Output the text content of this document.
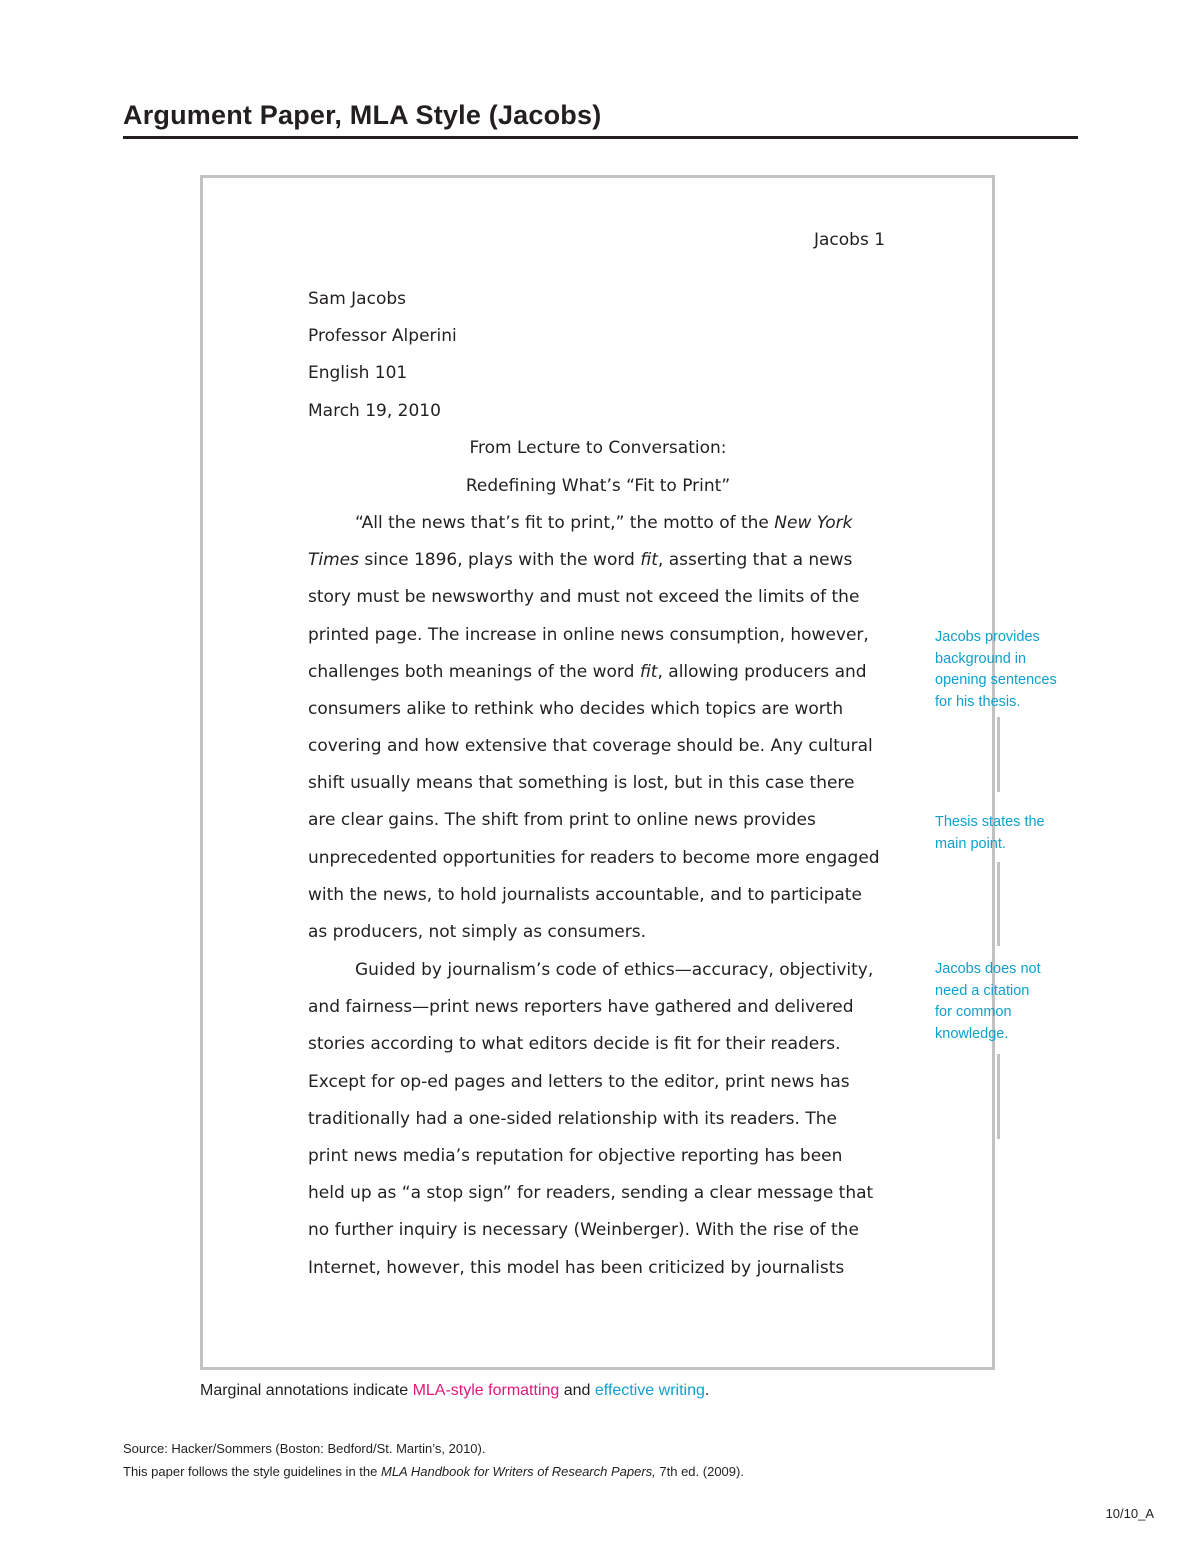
Argument Paper, MLA Style (Jacobs)
Jacobs 1
Sam Jacobs
Professor Alperini
English 101
March 19, 2010
From Lecture to Conversation:
Redefining What’s “Fit to Print”
“All the news that’s fit to print,” the motto of the New York
Times since 1896, plays with the word fit, asserting that a news
story must be newsworthy and must not exceed the limits of the
printed page. The increase in online news consumption, however,
challenges both meanings of the word fit, allowing producers and
consumers alike to rethink who decides which topics are worth
covering and how extensive that coverage should be. Any cultural
shift usually means that something is lost, but in this case there
are clear gains. The shift from print to online news provides
unprecedented opportunities for readers to become more engaged
with the news, to hold journalists accountable, and to participate
as producers, not simply as consumers.
Guided by journalism’s code of ethics—accuracy, objectivity,
and fairness—print news reporters have gathered and delivered
stories according to what editors decide is fit for their readers.
Except for op-ed pages and letters to the editor, print news has
traditionally had a one-sided relationship with its readers. The
print news media’s reputation for objective reporting has been
held up as “a stop sign” for readers, sending a clear message that
no further inquiry is necessary (Weinberger). With the rise of the
Internet, however, this model has been criticized by journalists
Jacobs provides
background in
opening sentences
for his thesis.
Thesis states the
main point.
Jacobs does not
need a citation
for common
knowledge.
Marginal annotations indicate MLA-style formatting and effective writing.
Source: Hacker/Sommers (Boston: Bedford/St. Martin’s, 2010).
This paper follows the style guidelines in the MLA Handbook for Writers of Research Papers, 7th ed. (2009).
10/10_A
